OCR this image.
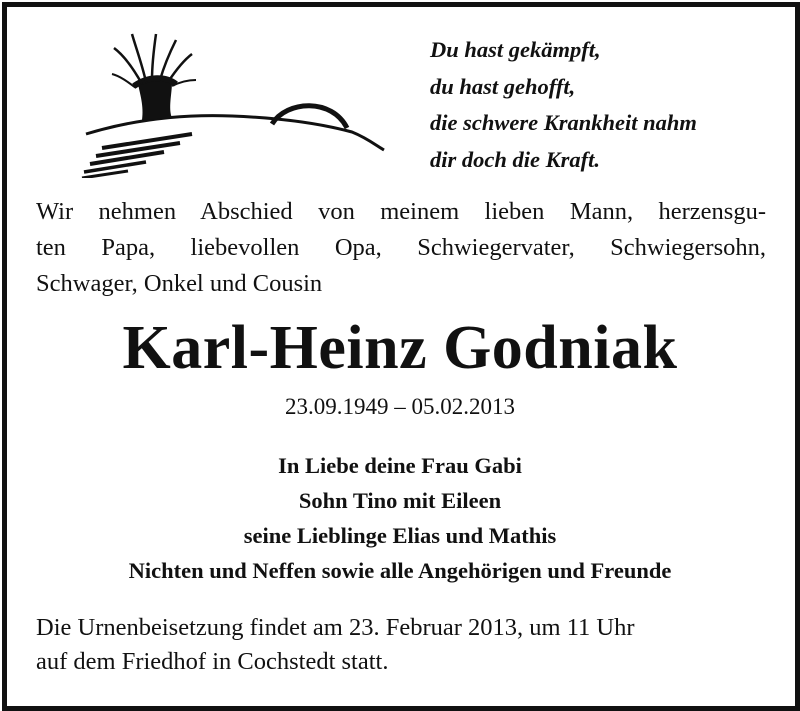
Du hast gekämpft,
du hast gehofft,
die schwere Krankheit nahm
dir doch die Kraft.
Wir nehmen Abschied von meinem lieben Mann, herzensgu-
ten Papa, liebevollen Opa, Schwiegervater, Schwiegersohn,
Schwager, Onkel und Cousin
Karl-Heinz Godniak
23.09.1949 – 05.02.2013
In Liebe deine Frau Gabi
Sohn Tino mit Eileen
seine Lieblinge Elias und Mathis
Nichten und Neffen sowie alle Angehörigen und Freunde
Die Urnenbeisetzung findet am 23. Februar 2013, um 11 Uhr
auf dem Friedhof in Cochstedt statt.
